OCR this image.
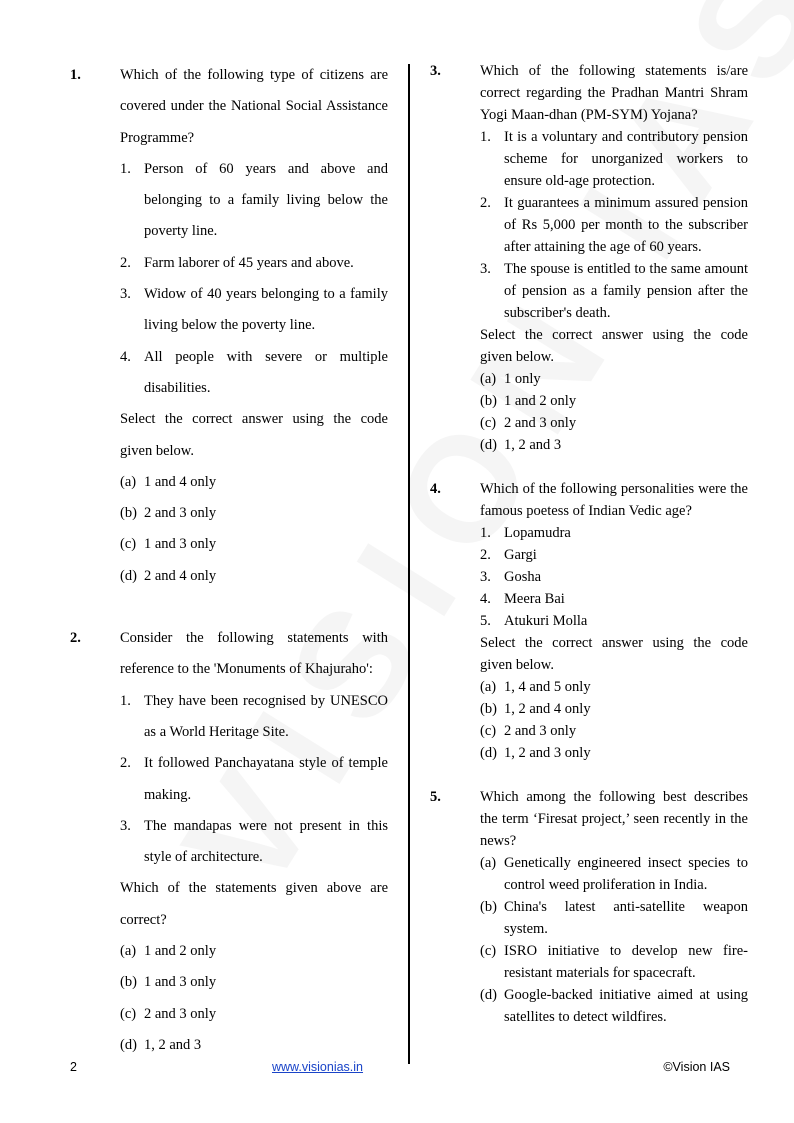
1.	Which of the following type of citizens are covered under the National Social Assistance Programme?
1. Person of 60 years and above and belonging to a family living below the poverty line.
2. Farm laborer of 45 years and above.
3. Widow of 40 years belonging to a family living below the poverty line.
4. All people with severe or multiple disabilities.
Select the correct answer using the code given below.
(a) 1 and 4 only
(b) 2 and 3 only
(c) 1 and 3 only
(d) 2 and 4 only
2.	Consider the following statements with reference to the 'Monuments of Khajuraho':
1. They have been recognised by UNESCO as a World Heritage Site.
2. It followed Panchayatana style of temple making.
3. The mandapas were not present in this style of architecture.
Which of the statements given above are correct?
(a) 1 and 2 only
(b) 1 and 3 only
(c) 2 and 3 only
(d) 1, 2 and 3
3.	Which of the following statements is/are correct regarding the Pradhan Mantri Shram Yogi Maan-dhan (PM-SYM) Yojana?
1. It is a voluntary and contributory pension scheme for unorganized workers to ensure old-age protection.
2. It guarantees a minimum assured pension of Rs 5,000 per month to the subscriber after attaining the age of 60 years.
3. The spouse is entitled to the same amount of pension as a family pension after the subscriber's death.
Select the correct answer using the code given below.
(a) 1 only
(b) 1 and 2 only
(c) 2 and 3 only
(d) 1, 2 and 3
4.	Which of the following personalities were the famous poetess of Indian Vedic age?
1. Lopamudra
2. Gargi
3. Gosha
4. Meera Bai
5. Atukuri Molla
Select the correct answer using the code given below.
(a) 1, 4 and 5 only
(b) 1, 2 and 4 only
(c) 2 and 3 only
(d) 1, 2 and 3 only
5.	Which among the following best describes the term ‘Firesat project,’ seen recently in the news?
(a) Genetically engineered insect species to control weed proliferation in India.
(b) China's latest anti-satellite weapon system.
(c) ISRO initiative to develop new fire-resistant materials for spacecraft.
(d) Google-backed initiative aimed at using satellites to detect wildfires.
2	www.visionias.in	©Vision IAS
